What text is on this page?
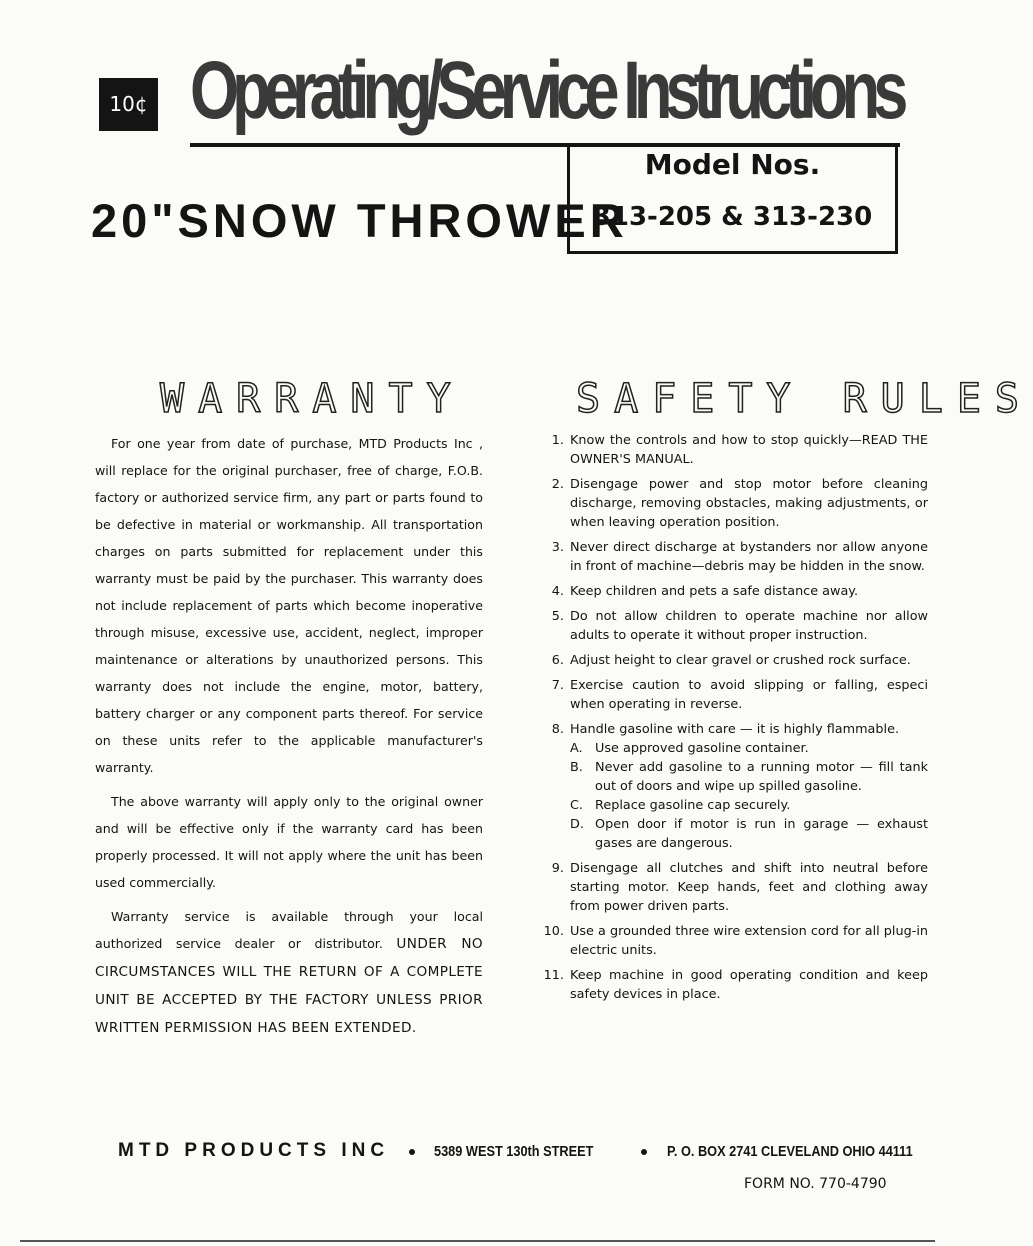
10¢ Operating/Service Instructions
Model Nos.
313-205 & 313-230
20"SNOW THROWER
WARRANTY	SAFETY RULES

For one year from date of purchase, MTD Products Inc , will replace for the original purchaser, free of charge, F.O.B. factory or authorized service firm, any part or parts found to be defective in material or workmanship. All transportation charges on parts submitted for replacement under this warranty must be paid by the purchaser. This warranty does not include replacement of parts which become inoperative through misuse, excessive use, accident, neglect, improper maintenance or alterations by unauthorized persons. This warranty does not include the engine, motor, battery, battery charger or any component parts thereof. For service on these units refer to the applicable manufacturer's warranty.

The above warranty will apply only to the original owner and will be effective only if the warranty card has been properly processed. It will not apply where the unit has been used commercially.

Warranty service is available through your local authorized service dealer or distributor. UNDER NO CIRCUMSTANCES WILL THE RETURN OF A COMPLETE UNIT BE ACCEPTED BY THE FACTORY UNLESS PRIOR WRITTEN PERMISSION HAS BEEN EXTENDED.

1. Know the controls and how to stop quickly—READ THE OWNER'S MANUAL.
2. Disengage power and stop motor before cleaning discharge, removing obstacles, making adjustments, or when leaving operation position.
3. Never direct discharge at bystanders nor allow anyone in front of machine—debris may be hidden in the snow.
4. Keep children and pets a safe distance away.
5. Do not allow children to operate machine nor allow adults to operate it without proper instruction.
6. Adjust height to clear gravel or crushed rock surface.
7. Exercise caution to avoid slipping or falling, especi when operating in reverse.
8. Handle gasoline with care — it is highly flammable.
A. Use approved gasoline container.
B. Never add gasoline to a running motor — fill tank out of doors and wipe up spilled gasoline.
C. Replace gasoline cap securely.
D. Open door if motor is run in garage — exhaust gases are dangerous.
9. Disengage all clutches and shift into neutral before starting motor. Keep hands, feet and clothing away from power driven parts.
10. Use a grounded three wire extension cord for all plug-in electric units.
11. Keep machine in good operating condition and keep safety devices in place.
MTD PRODUCTS INC	5389 WEST 130th STREET	P. O. BOX 2741 CLEVELAND OHIO 44111
FORM NO. 770-4790
